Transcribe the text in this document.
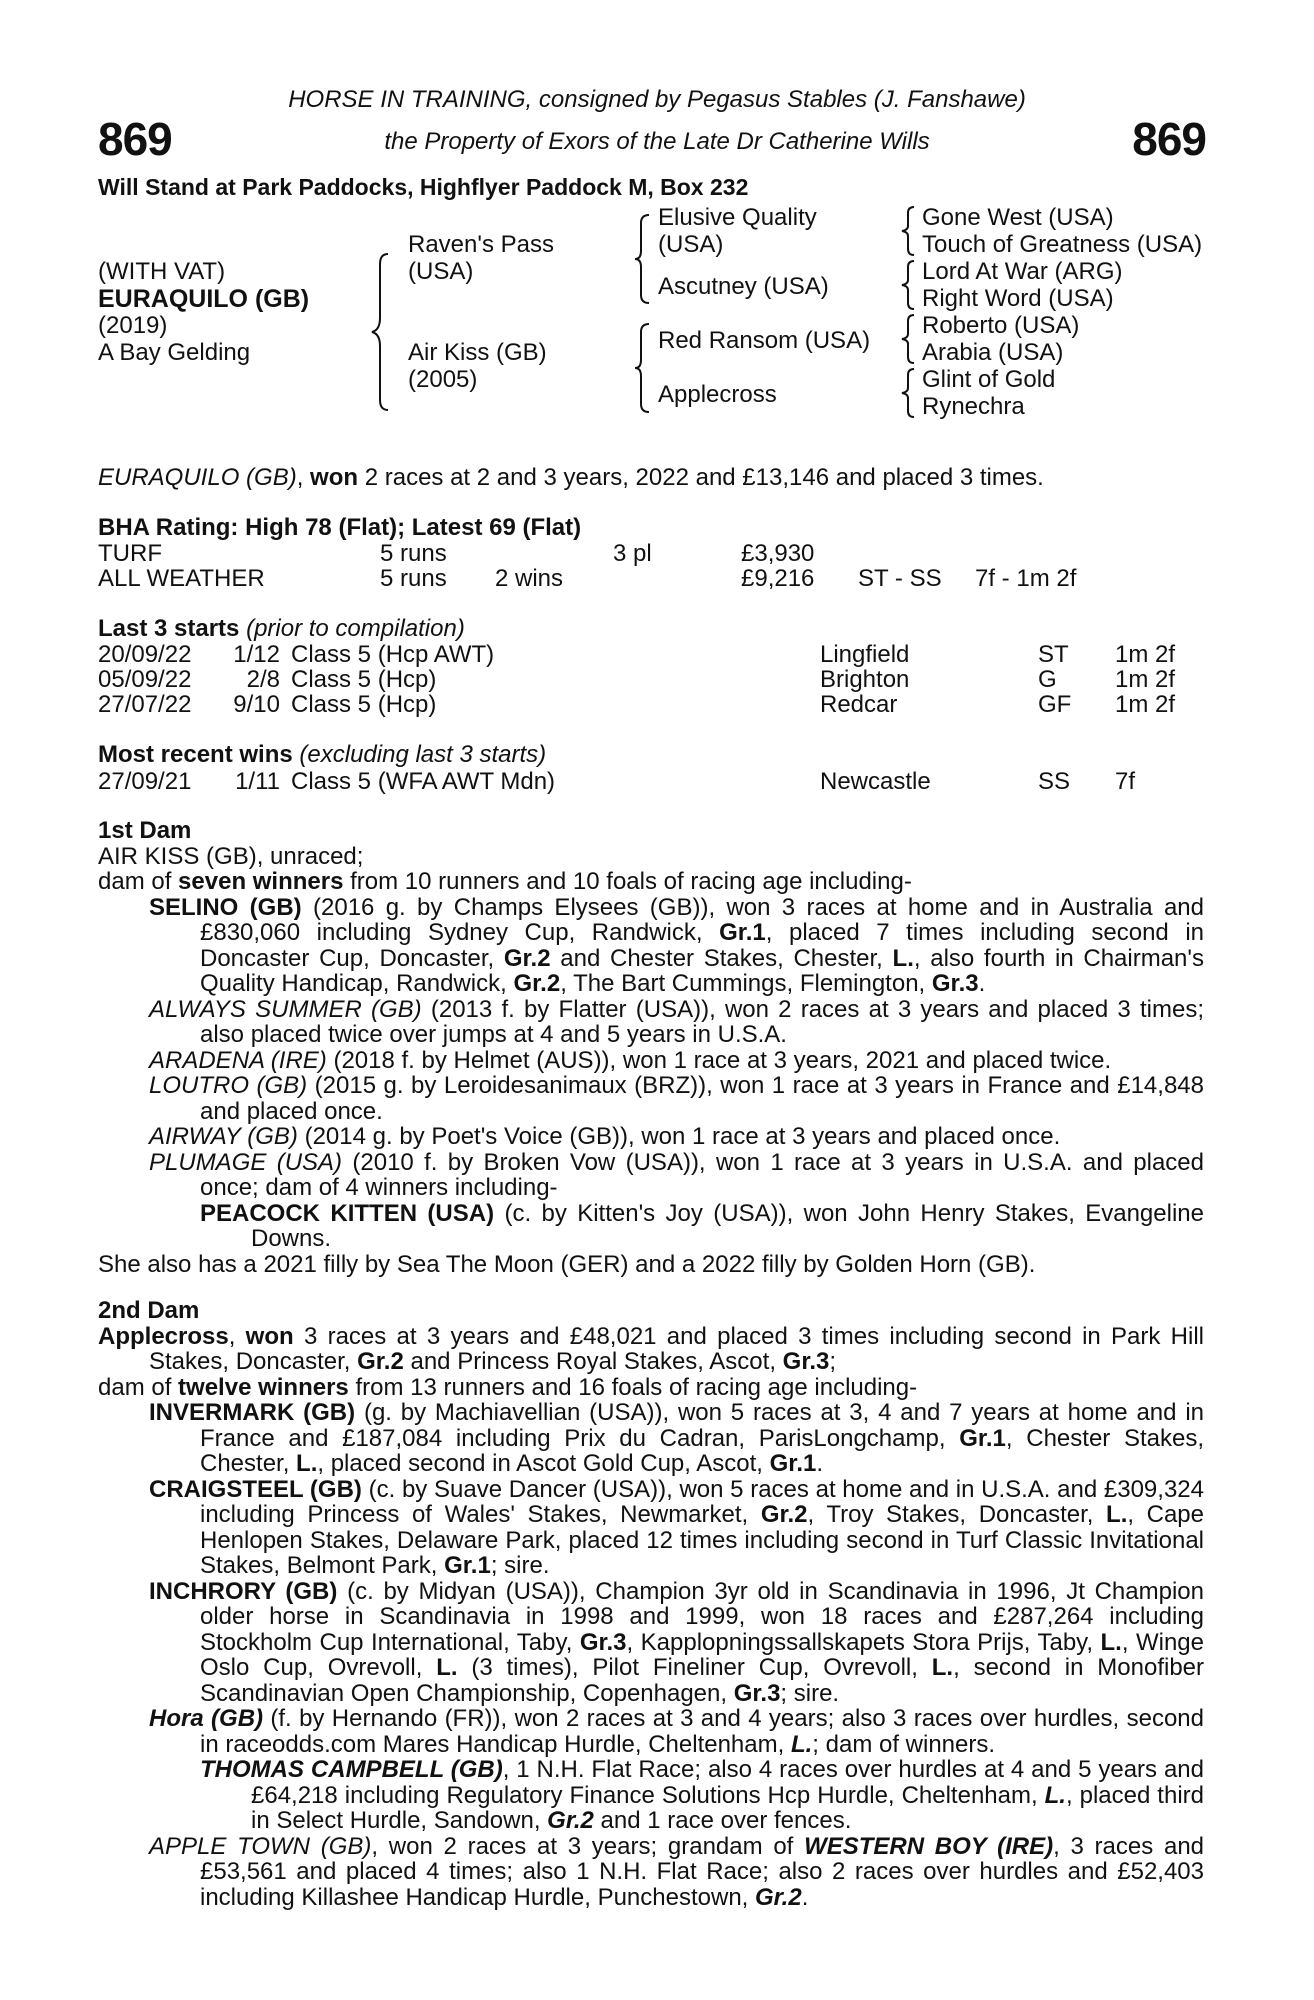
869	869
HORSE IN TRAINING, consigned by Pegasus Stables (J. Fanshawe)
the Property of Exors of the Late Dr Catherine Wills
Will Stand at Park Paddocks, Highflyer Paddock M, Box 232
(WITH VAT)
EURAQUILO (GB)
(2019)
A Bay Gelding
Raven's Pass
(USA)
Air Kiss (GB)
(2005)
Elusive Quality
(USA)
Ascutney (USA)
Red Ransom (USA)
Applecross
Gone West (USA)
Touch of Greatness (USA)
Lord At War (ARG)
Right Word (USA)
Roberto (USA)
Arabia (USA)
Glint of Gold
Rynechra
EURAQUILO (GB), won 2 races at 2 and 3 years, 2022 and £13,146 and placed 3 times.
BHA Rating: High 78 (Flat); Latest 69 (Flat)
TURF	5 runs	3 pl	£3,930
ALL WEATHER	5 runs 2 wins	£9,216 ST - SS 7f - 1m 2f
Last 3 starts (prior to compilation)
20/09/22	1/12 Class 5 (Hcp AWT)	Lingfield	ST 1m 2f
05/09/22	2/8 Class 5 (Hcp)	Brighton	G 1m 2f
27/07/22	9/10 Class 5 (Hcp)	Redcar	GF 1m 2f
Most recent wins (excluding last 3 starts)
27/09/21	1/11 Class 5 (WFA AWT Mdn)	Newcastle	SS 7f
1st Dam
AIR KISS (GB), unraced;
dam of seven winners from 10 runners and 10 foals of racing age including-
SELINO (GB) (2016 g. by Champs Elysees (GB)), won 3 races at home and in Australia and £830,060 including Sydney Cup, Randwick, Gr.1, placed 7 times including second in Doncaster Cup, Doncaster, Gr.2 and Chester Stakes, Chester, L., also fourth in Chairman's Quality Handicap, Randwick, Gr.2, The Bart Cummings, Flemington, Gr.3.
ALWAYS SUMMER (GB) (2013 f. by Flatter (USA)), won 2 races at 3 years and placed 3 times; also placed twice over jumps at 4 and 5 years in U.S.A.
ARADENA (IRE) (2018 f. by Helmet (AUS)), won 1 race at 3 years, 2021 and placed twice.
LOUTRO (GB) (2015 g. by Leroidesanimaux (BRZ)), won 1 race at 3 years in France and £14,848 and placed once.
AIRWAY (GB) (2014 g. by Poet's Voice (GB)), won 1 race at 3 years and placed once.
PLUMAGE (USA) (2010 f. by Broken Vow (USA)), won 1 race at 3 years in U.S.A. and placed once; dam of 4 winners including-
PEACOCK KITTEN (USA) (c. by Kitten's Joy (USA)), won John Henry Stakes, Evangeline Downs.
She also has a 2021 filly by Sea The Moon (GER) and a 2022 filly by Golden Horn (GB).
2nd Dam
Applecross, won 3 races at 3 years and £48,021 and placed 3 times including second in Park Hill Stakes, Doncaster, Gr.2 and Princess Royal Stakes, Ascot, Gr.3;
dam of twelve winners from 13 runners and 16 foals of racing age including-
INVERMARK (GB) (g. by Machiavellian (USA)), won 5 races at 3, 4 and 7 years at home and in France and £187,084 including Prix du Cadran, ParisLongchamp, Gr.1, Chester Stakes, Chester, L., placed second in Ascot Gold Cup, Ascot, Gr.1.
CRAIGSTEEL (GB) (c. by Suave Dancer (USA)), won 5 races at home and in U.S.A. and £309,324 including Princess of Wales' Stakes, Newmarket, Gr.2, Troy Stakes, Doncaster, L., Cape Henlopen Stakes, Delaware Park, placed 12 times including second in Turf Classic Invitational Stakes, Belmont Park, Gr.1; sire.
INCHRORY (GB) (c. by Midyan (USA)), Champion 3yr old in Scandinavia in 1996, Jt Champion older horse in Scandinavia in 1998 and 1999, won 18 races and £287,264 including Stockholm Cup International, Taby, Gr.3, Kapplopningssallskapets Stora Prijs, Taby, L., Winge Oslo Cup, Ovrevoll, L. (3 times), Pilot Fineliner Cup, Ovrevoll, L., second in Monofiber Scandinavian Open Championship, Copenhagen, Gr.3; sire.
Hora (GB) (f. by Hernando (FR)), won 2 races at 3 and 4 years; also 3 races over hurdles, second in raceodds.com Mares Handicap Hurdle, Cheltenham, L.; dam of winners.
THOMAS CAMPBELL (GB), 1 N.H. Flat Race; also 4 races over hurdles at 4 and 5 years and £64,218 including Regulatory Finance Solutions Hcp Hurdle, Cheltenham, L., placed third in Select Hurdle, Sandown, Gr.2 and 1 race over fences.
APPLE TOWN (GB), won 2 races at 3 years; grandam of WESTERN BOY (IRE), 3 races and £53,561 and placed 4 times; also 1 N.H. Flat Race; also 2 races over hurdles and £52,403 including Killashee Handicap Hurdle, Punchestown, Gr.2.
